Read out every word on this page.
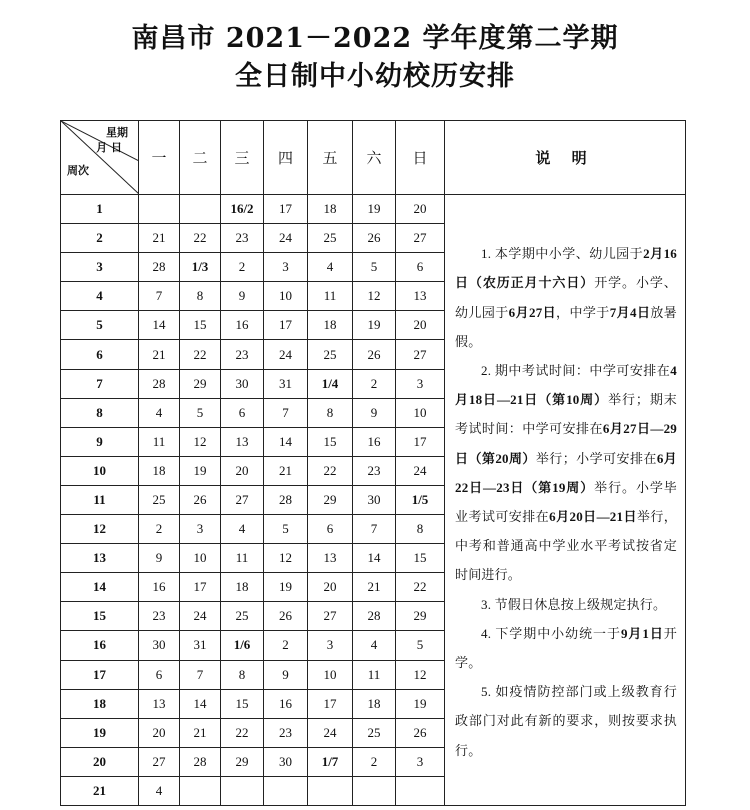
南昌市 2021－2022 学年度第二学期
全日制中小幼校历安排
星期
月 日
周次	一	二	三	四	五	六	日	说 明
1			16/2	17	18	19	20	1. 本学期中小学、幼儿园于2月16日（农历正月十六日）开学。小学、幼儿园于6月27日，中学于7月4日放暑假。

2. 期中考试时间：中学可安排在4月18日—21日（第10周）举行；期末考试时间：中学可安排在6月27日—29日（第20周）举行；小学可安排在6月22日—23日（第19周）举行。小学毕业考试可安排在6月20日—21日举行，中考和普通高中学业水平考试按省定时间进行。

3. 节假日休息按上级规定执行。

4. 下学期中小幼统一于9月1日开学。

5. 如疫情防控部门或上级教育行政部门对此有新的要求，则按要求执行。

2	21	22	23	24	25	26	27	
3	28	1/3	2	3	4	5	6	
4	7	8	9	10	11	12	13	
5	14	15	16	17	18	19	20	
6	21	22	23	24	25	26	27	
7	28	29	30	31	1/4	2	3	
8	4	5	6	7	8	9	10	
9	11	12	13	14	15	16	17	
10	18	19	20	21	22	23	24	
11	25	26	27	28	29	30	1/5	
12	2	3	4	5	6	7	8	
13	9	10	11	12	13	14	15	
14	16	17	18	19	20	21	22	
15	23	24	25	26	27	28	29	
16	30	31	1/6	2	3	4	5	
17	6	7	8	9	10	11	12	
18	13	14	15	16	17	18	19	
19	20	21	22	23	24	25	26	
20	27	28	29	30	1/7	2	3	
21	4							
